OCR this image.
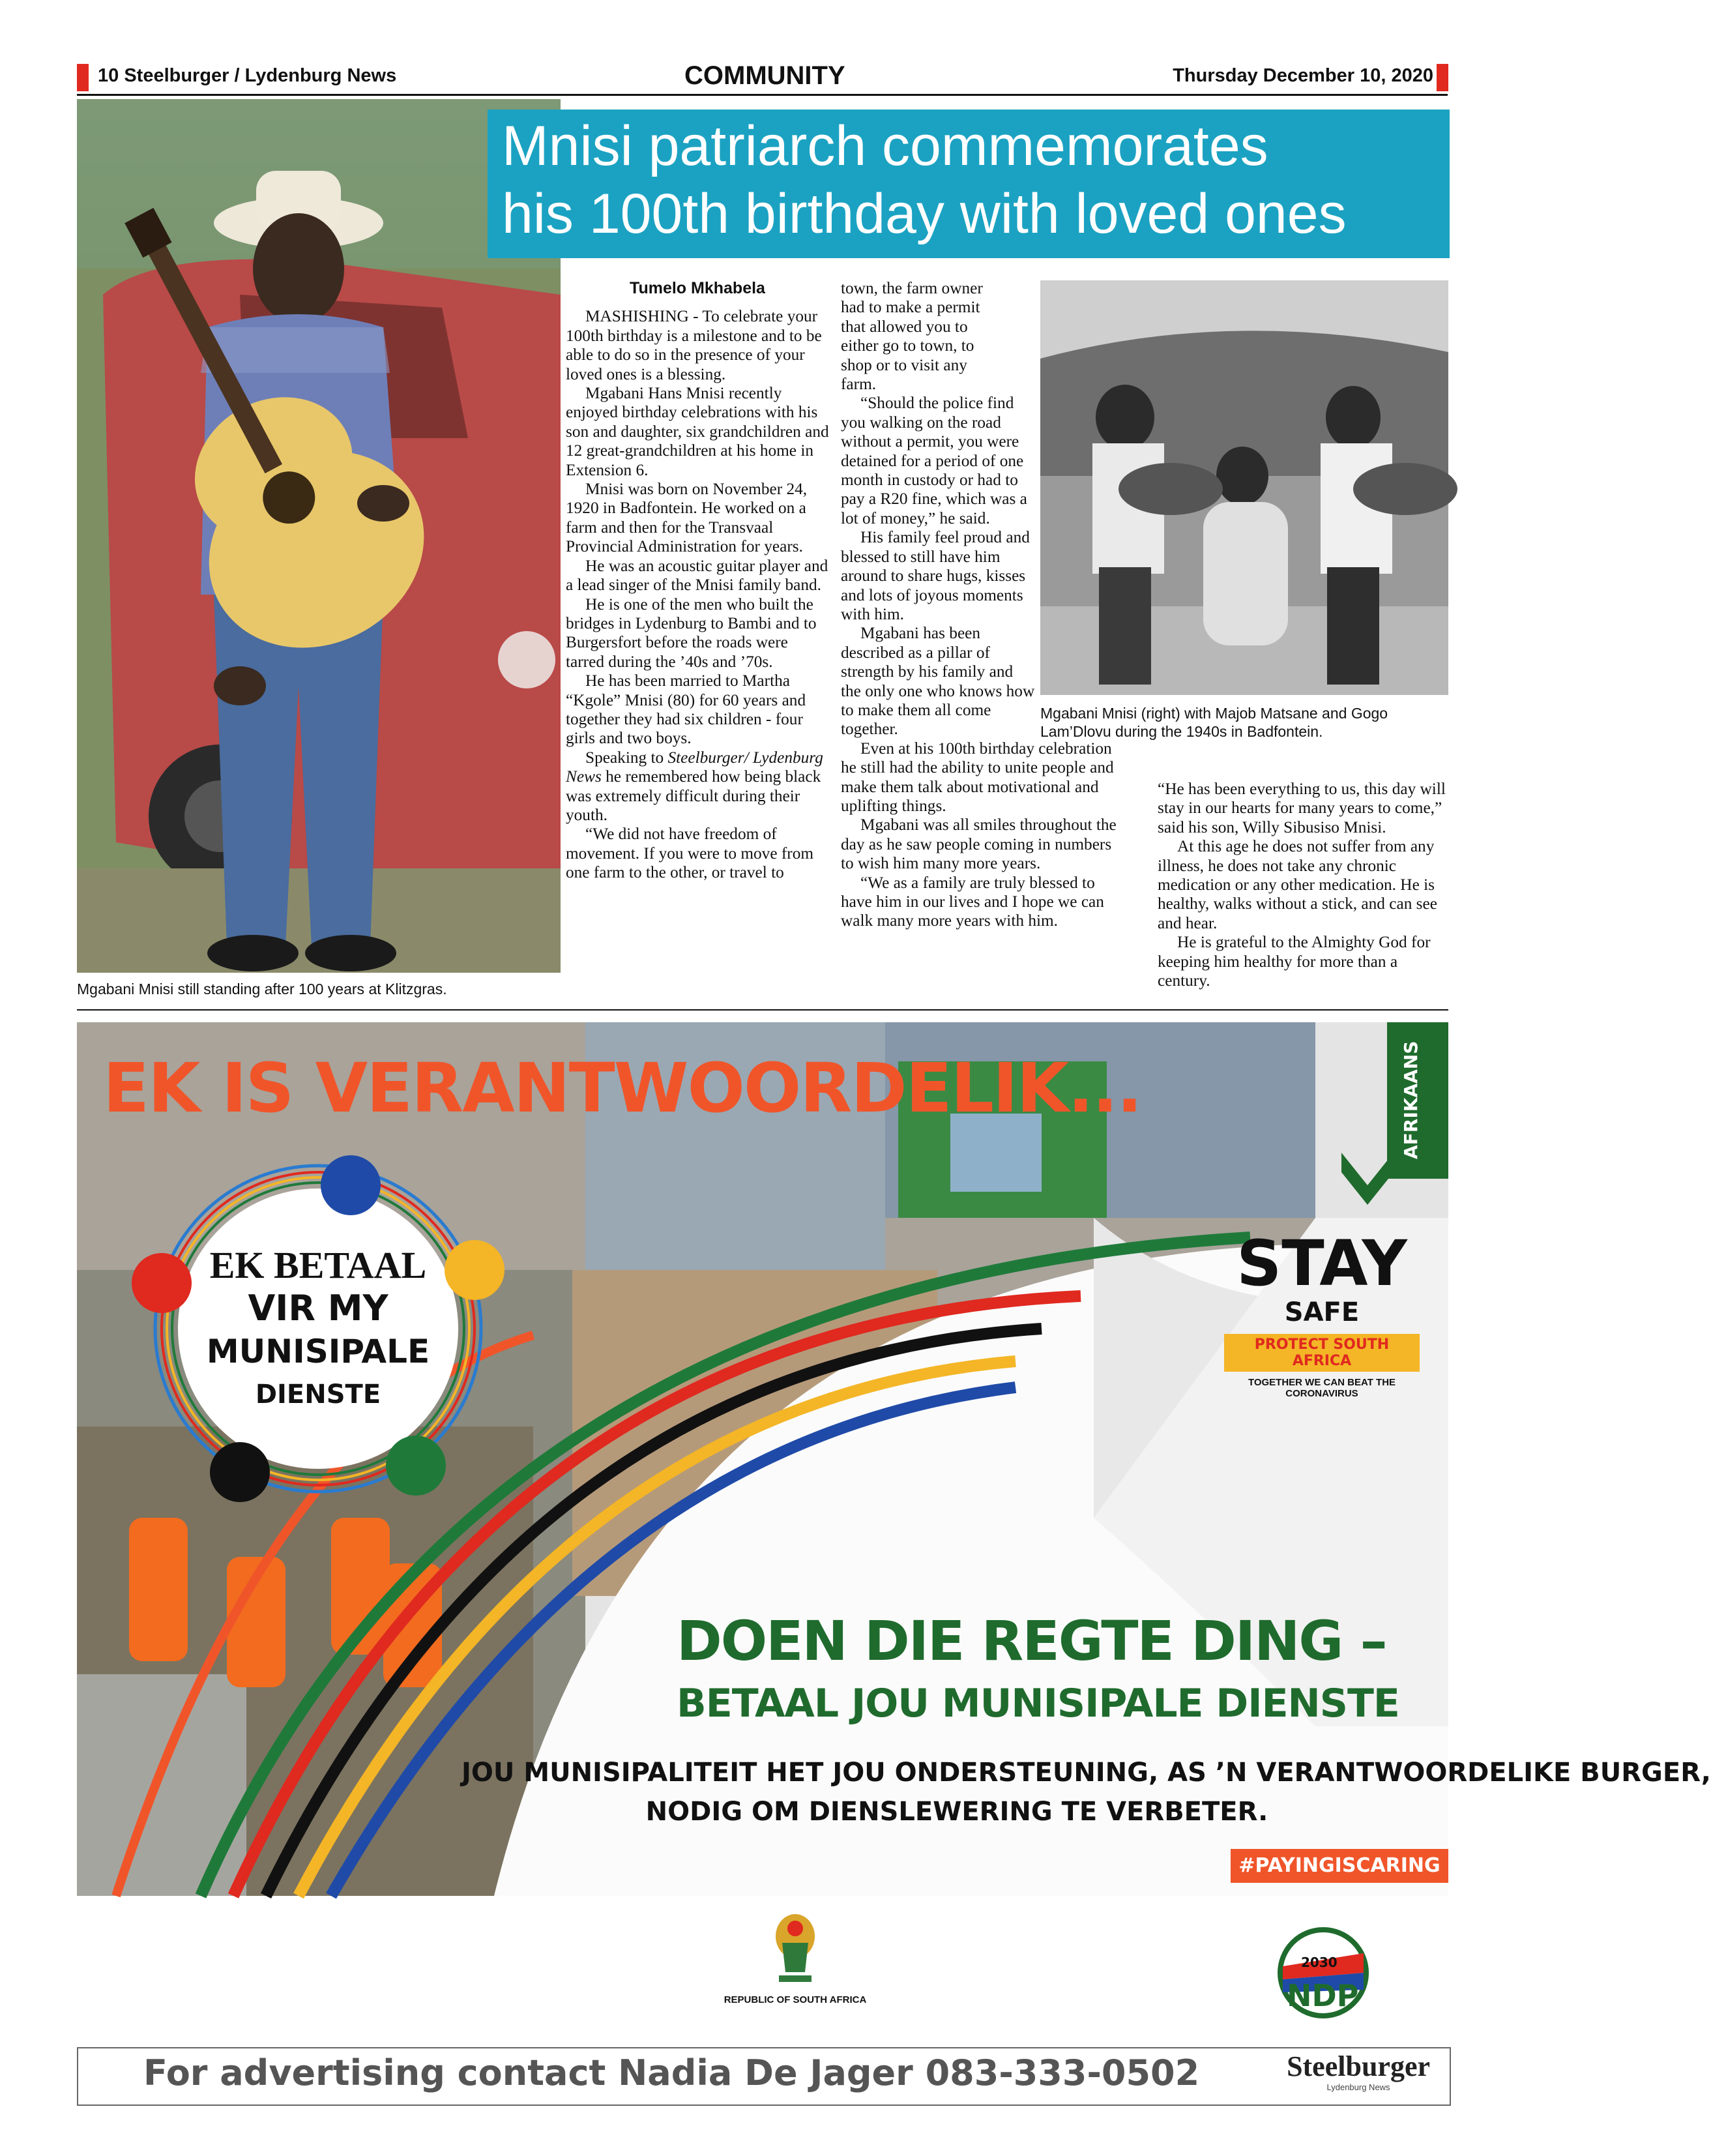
10 Steelburger / Lydenburg News	COMMUNITY	Thursday December 10, 2020
Mgabani Mnisi still standing after 100 years at Klitzgras.
Mnisi patriarch commemorates
his 100th birthday with loved ones

Tumelo Mkhabela

MASHISHING - To celebrate your 100th birthday is a milestone and to be able to do so in the presence of your loved ones is a blessing.

Mgabani Hans Mnisi recently enjoyed birthday celebrations with his son and daughter, six grandchildren and 12 great-grandchildren at his home in Extension 6.

Mnisi was born on November 24, 1920 in Badfontein. He worked on a farm and then for the Transvaal Provincial Administration for years.

He was an acoustic guitar player and a lead singer of the Mnisi family band.

He is one of the men who built the bridges in Lydenburg to Bambi and to Burgersfort before the roads were tarred during the ’40s and ’70s.

He has been married to Martha “Kgole” Mnisi (80) for 60 years and together they had six children - four girls and two boys.

Speaking to Steelburger/ Lydenburg News he remembered how being black was extremely difficult during their youth.

“We did not have freedom of movement. If you were to move from one farm to the other, or travel to

town, the farm owner had to make a permit that allowed you to either go to town, to shop or to visit any farm.

“Should the police find you walking on the road without a permit, you were detained for a period of one month in custody or had to pay a R20 fine, which was a lot of money,” he said.

His family feel proud and blessed to still have him around to share hugs, kisses and lots of joyous moments with him.

Mgabani has been described as a pillar of strength by his family and the only one who knows how to make them all come together.

Even at his 100th birthday celebration he still had the ability to unite people and make them talk about motivational and uplifting things.

Mgabani was all smiles throughout the day as he saw people coming in numbers to wish him many more years.

“We as a family are truly blessed to have him in our lives and I hope we can walk many more years with him.

Mgabani Mnisi (right) with Majob Matsane and Gogo Lam’Dlovu during the 1940s in Badfontein.

“He has been everything to us, this day will stay in our hearts for many years to come,” said his son, Willy Sibusiso Mnisi.

At this age he does not suffer from any illness, he does not take any chronic medication or any other medication. He is healthy, walks without a stick, and can see and hear.

He is grateful to the Almighty God for keeping him healthy for more than a century.

EK IS VERANTWOORDELIK...
EK BETAAL
VIR MY
MUNISIPALE
DIENSTE
AFRIKAANS
STAY
SAFE
PROTECT SOUTH AFRICA
TOGETHER WE CAN BEAT THE CORONAVIRUS
DOEN DIE REGTE DING –
BETAAL JOU MUNISIPALE DIENSTE
JOU MUNISIPALITEIT HET JOU ONDERSTEUNING, AS ’N VERANTWOORDELIKE BURGER,
NODIG OM DIENSLEWERING TE VERBETER.
#PAYINGISCARING
REPUBLIC OF SOUTH AFRICA
2030
NDP
For advertising contact Nadia De Jager 083-333-0502	Steelburger
Lydenburg News
